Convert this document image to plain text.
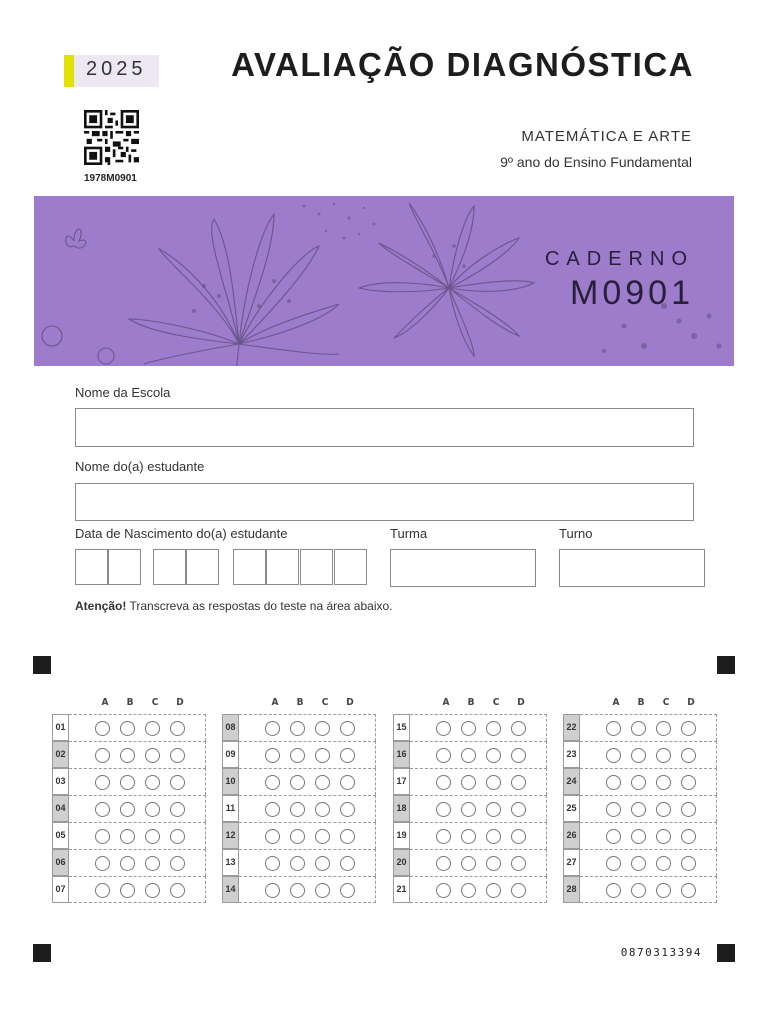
2025	AVALIAÇÃO DIAGNÓSTICA
1978M0901
MATEMÁTICA E ARTE
9º ano do Ensino Fundamental
CADERNO
M0901
Nome da Escola
Nome do(a) estudante
Data de Nascimento do(a) estudante	Turma	Turno
Atenção! Transcreva as respostas do teste na área abaixo.
A	B	C	D
01
02
03
04
05
06
07
A	B	C	D
08
09
10
11
12
13
14
A	B	C	D
15
16
17
18
19
20
21
A	B	C	D
22
23
24
25
26
27
28
0870313394
